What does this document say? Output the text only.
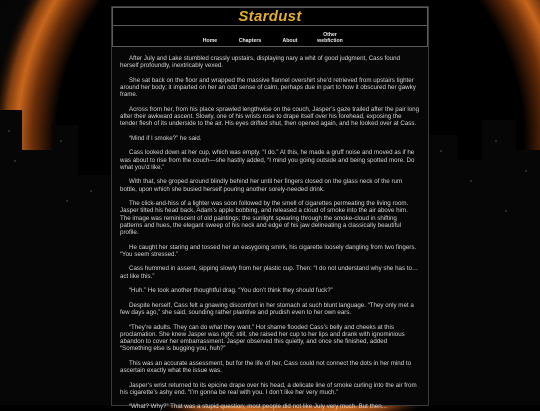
Stardust
Home	Chapters	About
Other
webfiction

After July and Lake stumbled crassly upstairs, displaying nary a whit of good judgment, Cass found herself profoundly, inextricably vexed.

She sat back on the floor and wrapped the massive flannel overshirt she’d retrieved from upstairs tighter around her body; it imparted on her an odd sense of calm, perhaps due in part to how it obscured her gawky frame.

Across from her, from his place sprawled lengthwise on the couch, Jasper’s gaze trailed after the pair long after their awkward ascent. Slowly, one of his wrists rose to drape itself over his forehead, exposing the tender flesh of its underside to the air. His eyes drifted shut, then opened again, and he looked over at Cass.

“Mind if I smoke?” he said.

Cass looked down at her cup, which was empty. “I do.” At this, he made a gruff noise and moved as if he was about to rise from the couch—she hastily added, “I mind you going outside and being spotted more. Do what you’d like.”

With that, she groped around blindly behind her until her fingers closed on the glass neck of the rum bottle, upon which she busied herself pouring another sorely-needed drink.

The click-and-hiss of a lighter was soon followed by the smell of cigarettes permeating the living room. Jasper tilted his head back, Adam’s apple bobbing, and released a cloud of smoke into the air above him. The image was reminiscent of old paintings; the sunlight spearing through the smoke-cloud in shifting patterns and hues, the elegant sweep of his neck and edge of his jaw delineating a classically beautiful profile.

He caught her staring and tossed her an easygoing smirk, his cigarette loosely dangling from two fingers. “You seem stressed.”

Cass hummed in assent, sipping slowly from her plastic cup. Then: “I do not understand why she has to… act like this.”

“Huh.” He took another thoughtful drag. “You don’t think they should fuck?”

Despite herself, Cass felt a gnawing discomfort in her stomach at such blunt language. “They only met a few days ago,” she said, sounding rather plaintive and prudish even to her own ears.

“They’re adults. They can do what they want.” Hot shame flooded Cass’s belly and cheeks at this proclamation. She knew Jasper was right; still, she raised her cup to her lips and drank with ignominious abandon to cover her embarrassment. Jasper observed this quietly, and once she finished, added “Something else is bugging you, huh?”

This was an accurate assessment, but for the life of her, Cass could not connect the dots in her mind to ascertain exactly what the issue was.

Jasper’s wrist returned to its epicine drape over his head, a delicate line of smoke curling into the air from his cigarette’s ashy end. “I’m gonna be real with you. I don’t like her very much.”

“What? Why?” That was a stupid question; most people did not like July very much. But then...
